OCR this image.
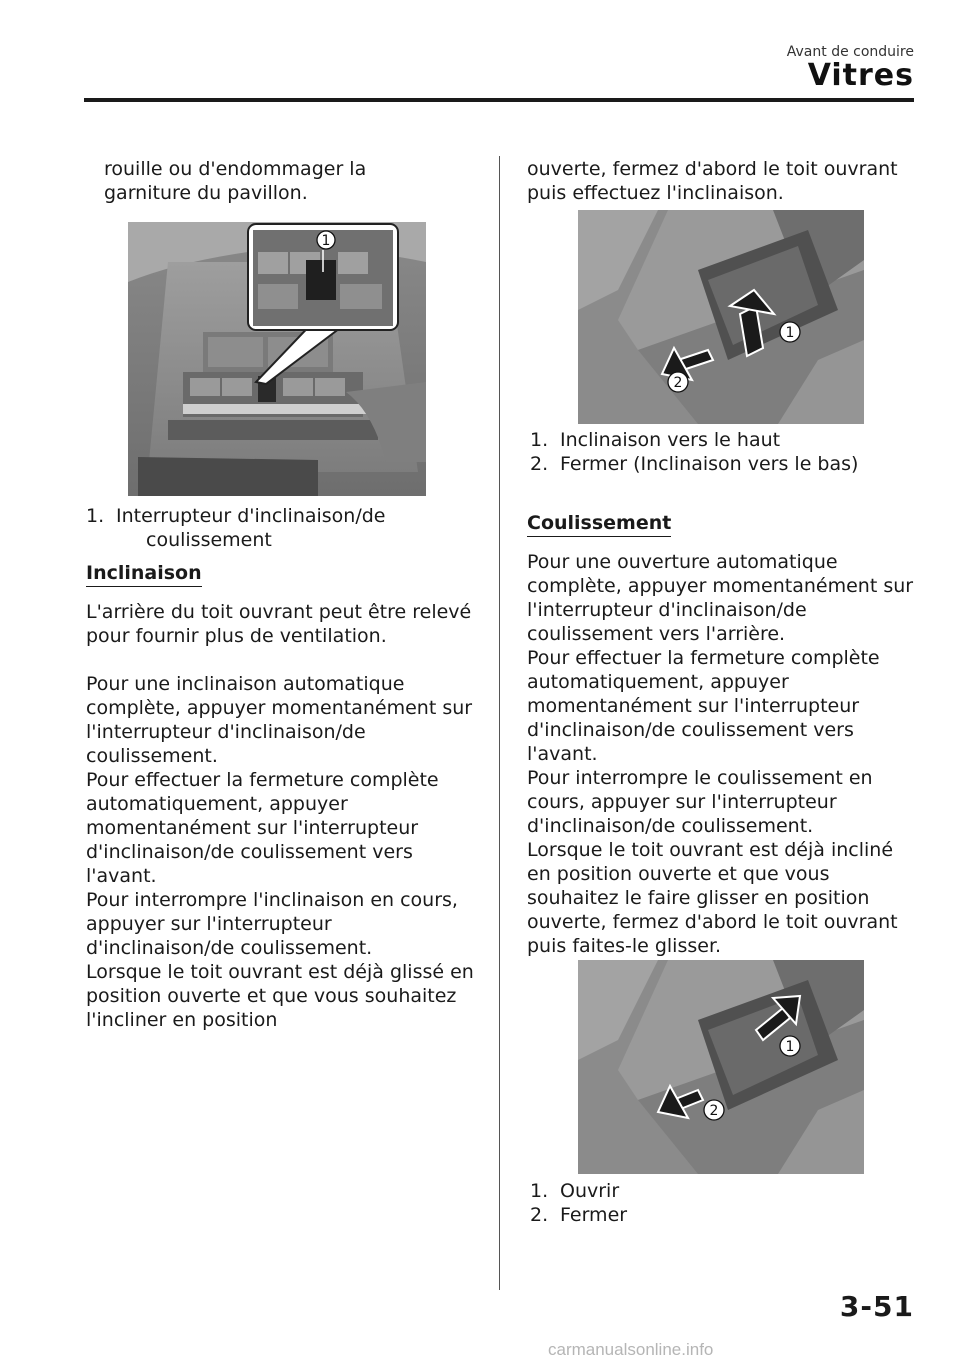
Avant de conduire
Vitres

rouille ou d'endommager la

garniture du pavillon.

1
1. Interrupteur d'inclinaison/de
coulissement
Inclinaison

L'arrière du toit ouvrant peut être relevé pour fournir plus de ventilation.

Pour une inclinaison automatique complète, appuyer momentanément sur l'interrupteur d'inclinaison/de coulissement.

Pour effectuer la fermeture complète automatiquement, appuyer momentanément sur l'interrupteur d'inclinaison/de coulissement vers l'avant.

Pour interrompre l'inclinaison en cours, appuyer sur l'interrupteur d'inclinaison/de coulissement.

Lorsque le toit ouvrant est déjà glissé en position ouverte et que vous souhaitez l'incliner en position

ouverte, fermez d'abord le toit ouvrant puis effectuez l'inclinaison.

1
2
1. Inclinaison vers le haut
2. Fermer (Inclinaison vers le bas)
Coulissement

Pour une ouverture automatique complète, appuyer momentanément sur l'interrupteur d'inclinaison/de coulissement vers l'arrière.

Pour effectuer la fermeture complète automatiquement, appuyer momentanément sur l'interrupteur d'inclinaison/de coulissement vers l'avant.

Pour interrompre le coulissement en cours, appuyer sur l'interrupteur d'inclinaison/de coulissement.

Lorsque le toit ouvrant est déjà incliné en position ouverte et que vous souhaitez le faire glisser en position ouverte, fermez d'abord le toit ouvrant puis faites-le glisser.

1
2
1. Ouvrir
2. Fermer
3-51
carmanualsonline.info
